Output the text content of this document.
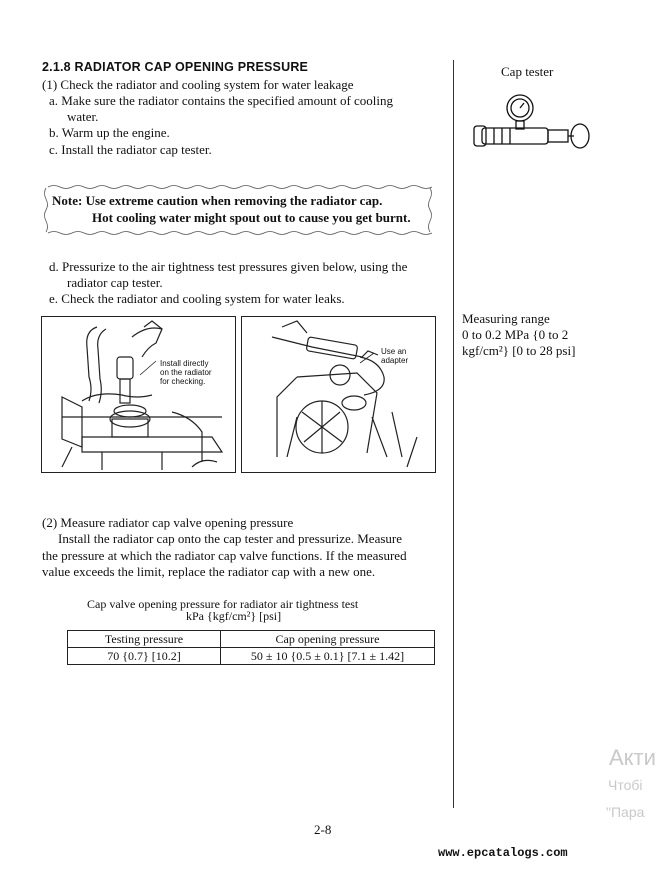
2.1.8 RADIATOR CAP OPENING PRESSURE
(1) Check the radiator and cooling system for water leakage
a. Make sure the radiator contains the specified amount of cooling
water.
b. Warm up the engine.
c. Install the radiator cap tester.
Note: Use extreme caution when removing the radiator cap.
Hot cooling water might spout out to cause you get burnt.
d. Pressurize to the air tightness test pressures given below, using the
radiator cap tester.
e. Check the radiator and cooling system for water leaks.
Install directly
on the radiator
for checking.
Use an
adapter
(2) Measure radiator cap valve opening pressure
Install the radiator cap onto the cap tester and pressurize. Measure
the pressure at which the radiator cap valve functions. If the measured
value exceeds the limit, replace the radiator cap with a new one.
Cap valve opening pressure for radiator air tightness test
kPa {kgf/cm²} [psi]
Testing pressure	Cap opening pressure
70 {0.7} [10.2]	50 ± 10 {0.5 ± 0.1} [7.1 ± 1.42]
Cap tester
Measuring range
0 to 0.2 MPa {0 to 2
kgf/cm²} [0 to 28 psi]
2-8
Акти
Чтобі
"Пара
www.epcatalogs.com
